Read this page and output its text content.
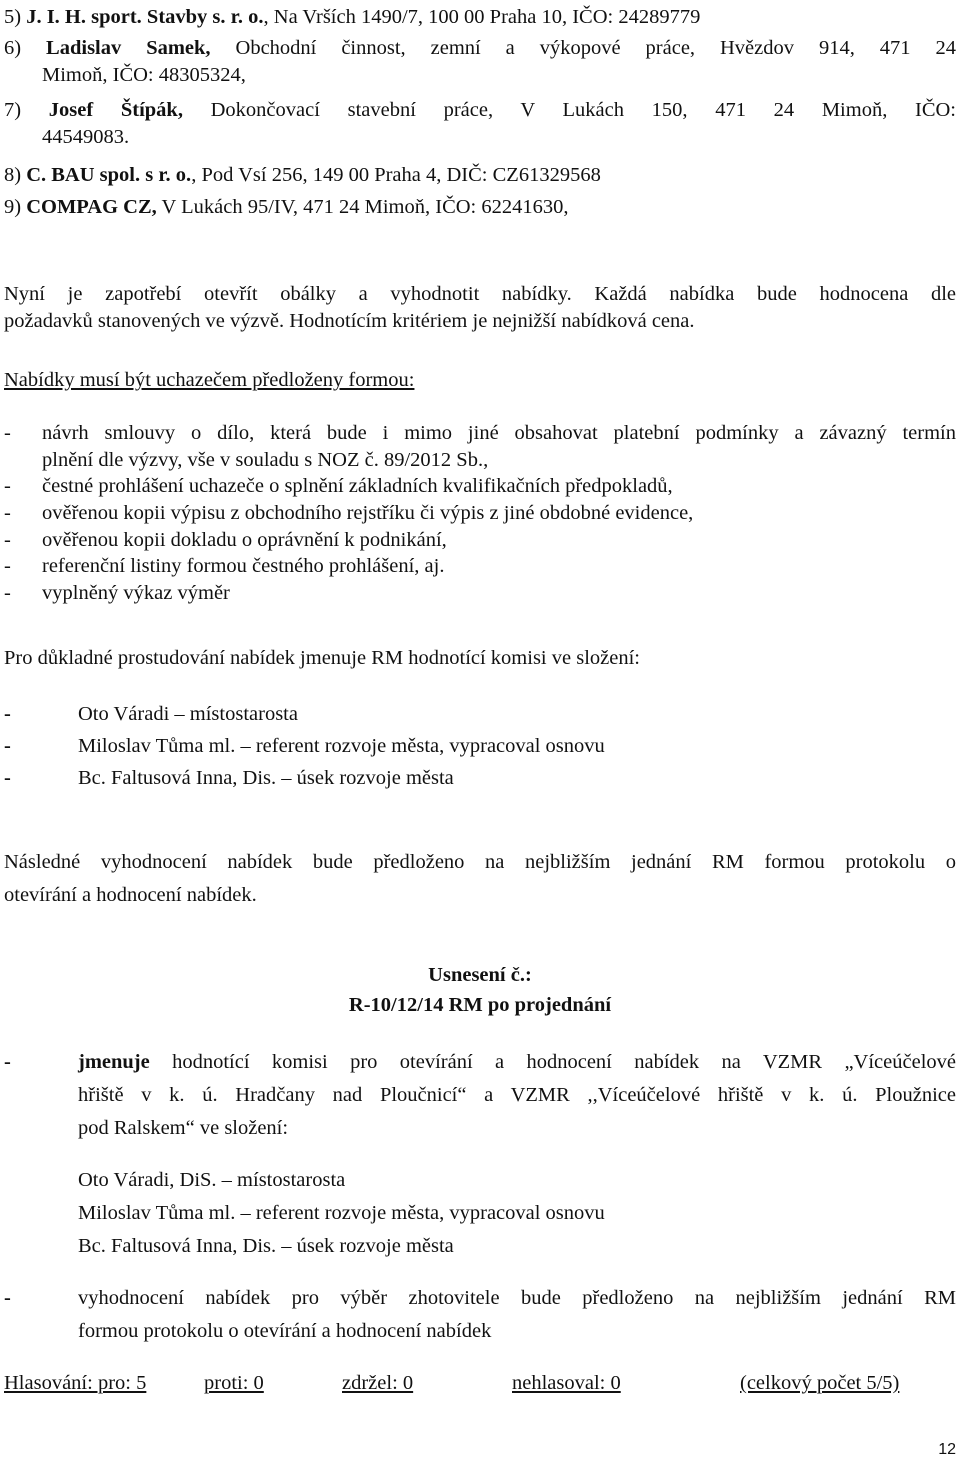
5) J. I. H. sport. Stavby s. r. o., Na Vrších 1490/7, 100 00 Praha 10, IČO: 24289779
6) Ladislav Samek, Obchodní činnost, zemní a výkopové práce, Hvězdov 914, 471 24
Mimoň, IČO: 48305324,
7) Josef Štípák, Dokončovací stavební práce, V Lukách 150, 471 24 Mimoň, IČO:
44549083.
8) C. BAU spol. s r. o., Pod Vsí 256, 149 00 Praha 4, DIČ: CZ61329568
9) COMPAG CZ, V Lukách 95/IV, 471 24 Mimoň, IČO: 62241630,
Nyní je zapotřebí otevřít obálky a vyhodnotit nabídky. Každá nabídka bude hodnocena dle
požadavků stanovených ve výzvě. Hodnotícím kritériem je nejnižší nabídková cena.
Nabídky musí být uchazečem předloženy formou:
-	návrh smlouvy o dílo, která bude i mimo jiné obsahovat platební podmínky a závazný termín
plnění dle výzvy, vše v souladu s NOZ č. 89/2012 Sb.,
-	čestné prohlášení uchazeče o splnění základních kvalifikačních předpokladů,
-	ověřenou kopii výpisu z obchodního rejstříku či výpis z jiné obdobné evidence,
-	ověřenou kopii dokladu o oprávnění k podnikání,
-	referenční listiny formou čestného prohlášení, aj.
-	vyplněný výkaz výměr
Pro důkladné prostudování nabídek jmenuje RM hodnotící komisi ve složení:
-	Oto Váradi – místostarosta
-	Miloslav Tůma ml. – referent rozvoje města, vypracoval osnovu
-	Bc. Faltusová Inna, Dis. – úsek rozvoje města
Následné vyhodnocení nabídek bude předloženo na nejbližším jednání RM formou protokolu o
otevírání a hodnocení nabídek.
Usnesení č.:
R-10/12/14 RM po projednání
-	jmenuje hodnotící komisi pro otevírání a hodnocení nabídek na VZMR „Víceúčelové
hřiště v k. ú. Hradčany nad Ploučnicí“ a VZMR ,,Víceúčelové hřiště v k. ú. Ploužnice
pod Ralskem“ ve složení:
Oto Váradi, DiS. – místostarosta
Miloslav Tůma ml. – referent rozvoje města, vypracoval osnovu
Bc. Faltusová Inna, Dis. – úsek rozvoje města
-	vyhodnocení nabídek pro výběr zhotovitele bude předloženo na nejbližším jednání RM
formou protokolu o otevírání a hodnocení nabídek
Hlasování: pro: 5	proti: 0	zdržel: 0	nehlasoval: 0	(celkový počet 5/5)
12
